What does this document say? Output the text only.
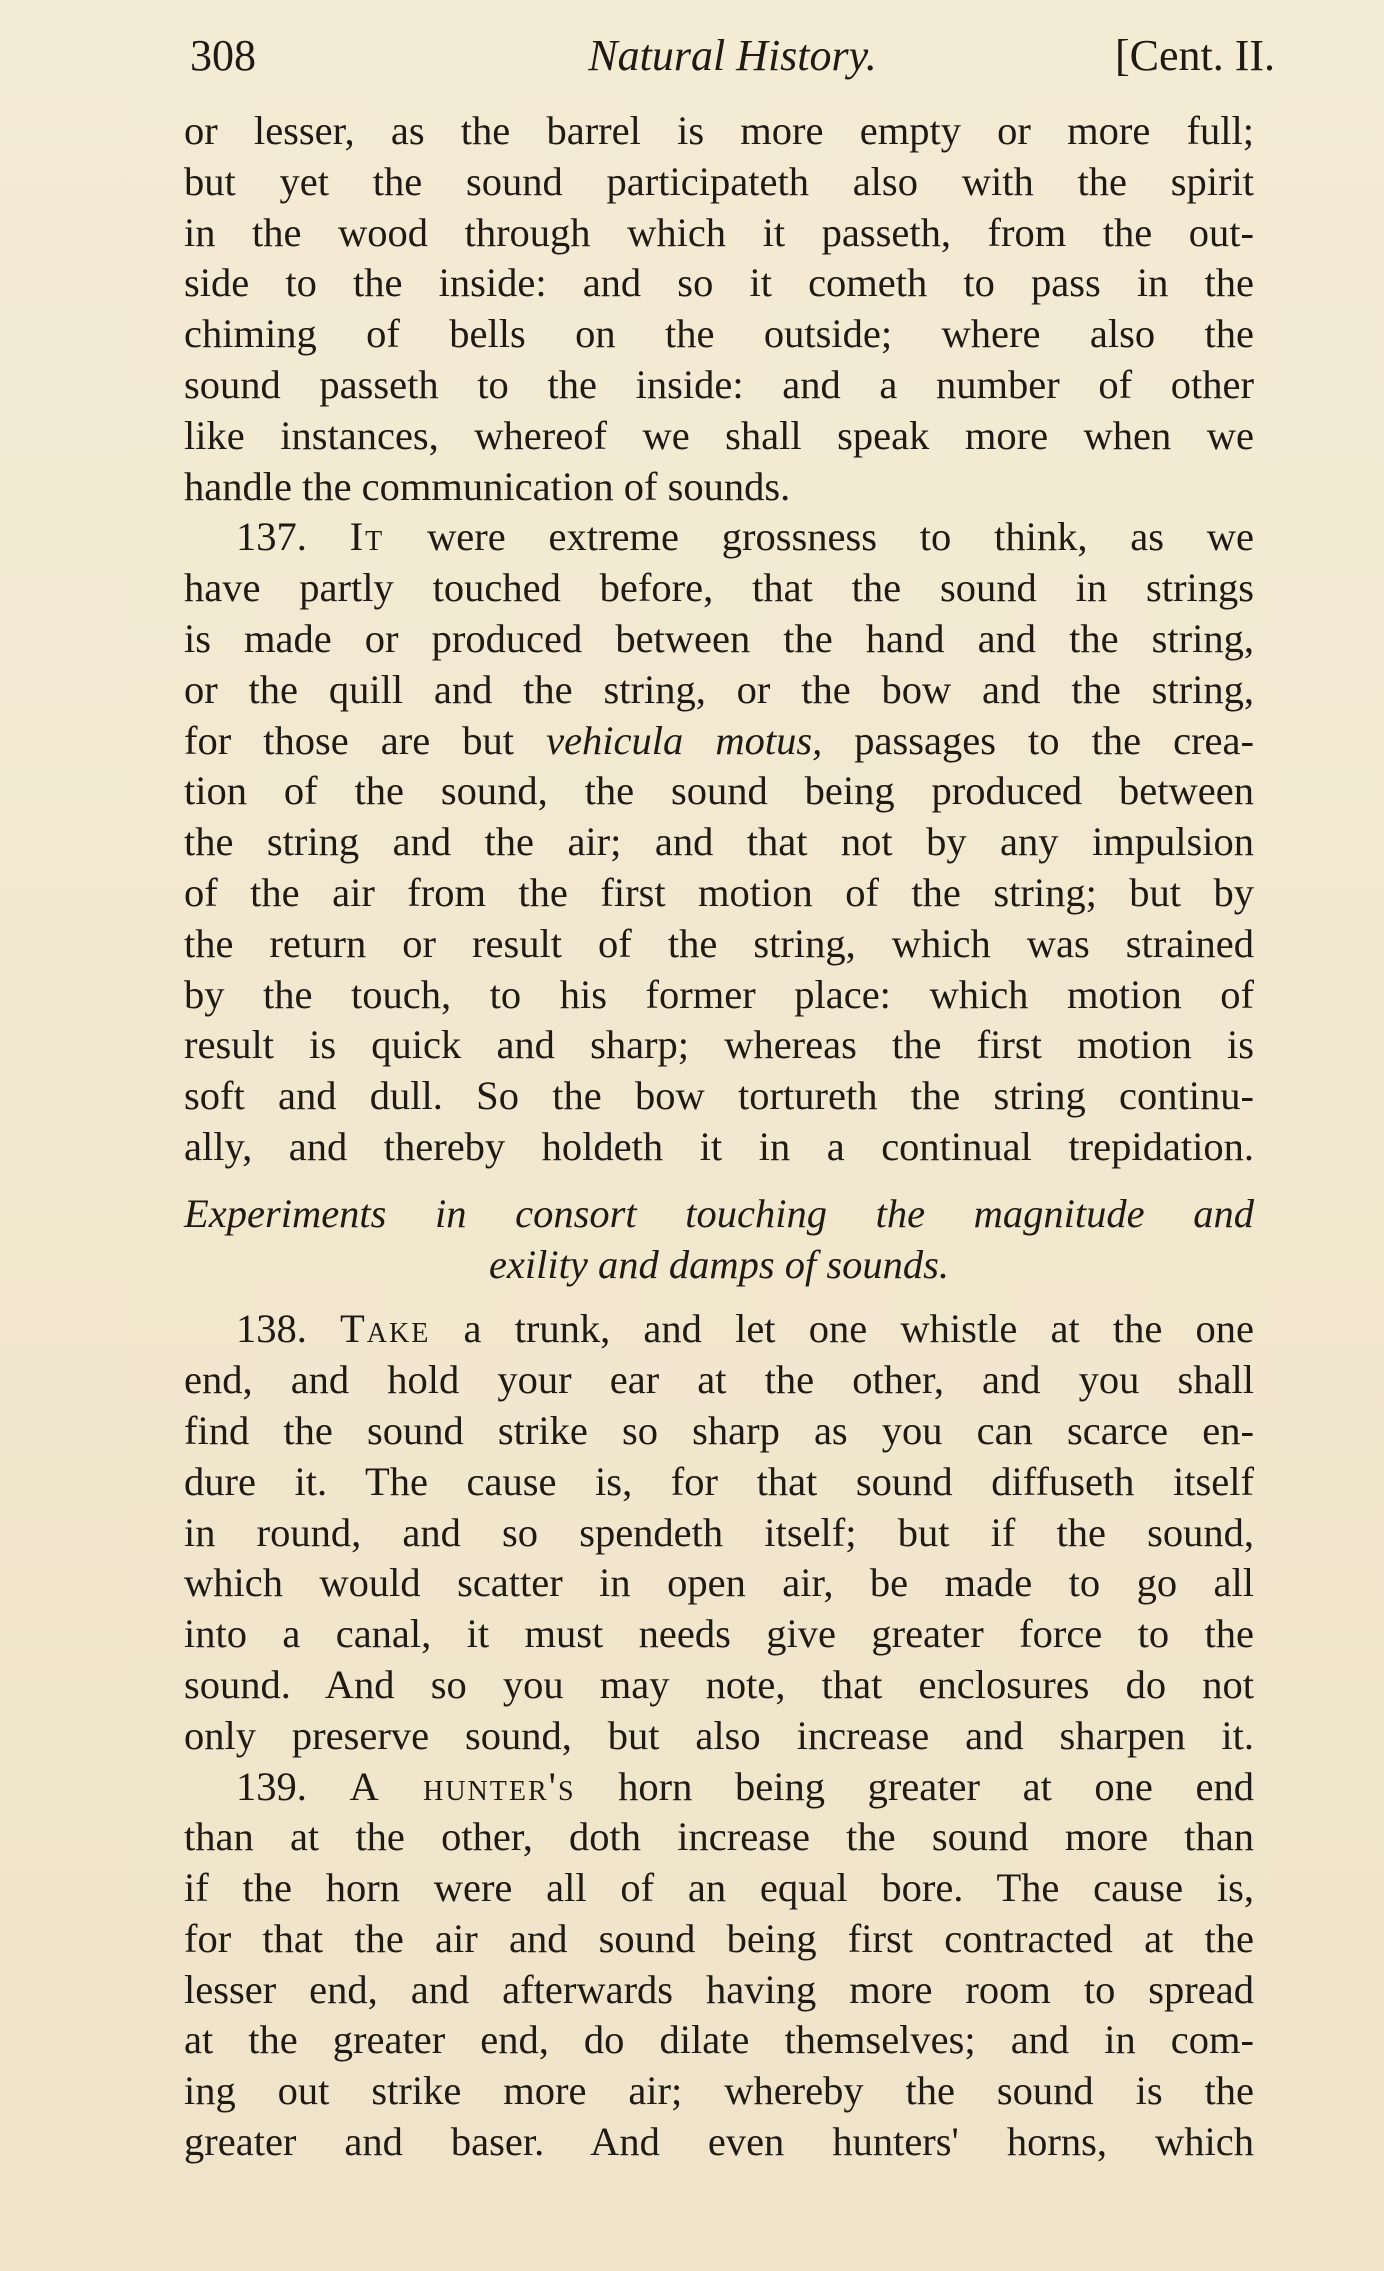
308	Natural History.	[Cent. II.
or lesser, as the barrel is more empty or more full;
but yet the sound participateth also with the spirit
in the wood through which it passeth, from the out-
side to the inside: and so it cometh to pass in the
chiming of bells on the outside; where also the
sound passeth to the inside: and a number of other
like instances, whereof we shall speak more when we
handle the communication of sounds.
137. It were extreme grossness to think, as we
have partly touched before, that the sound in strings
is made or produced between the hand and the string,
or the quill and the string, or the bow and the string,
for those are but vehicula motus, passages to the crea-
tion of the sound, the sound being produced between
the string and the air; and that not by any impulsion
of the air from the first motion of the string; but by
the return or result of the string, which was strained
by the touch, to his former place: which motion of
result is quick and sharp; whereas the first motion is
soft and dull. So the bow tortureth the string continu-
ally, and thereby holdeth it in a continual trepidation.
Experiments in consort touching the magnitude and
exility and damps of sounds.
138. Take a trunk, and let one whistle at the one
end, and hold your ear at the other, and you shall
find the sound strike so sharp as you can scarce en-
dure it. The cause is, for that sound diffuseth itself
in round, and so spendeth itself; but if the sound,
which would scatter in open air, be made to go all
into a canal, it must needs give greater force to the
sound. And so you may note, that enclosures do not
only preserve sound, but also increase and sharpen it.
139. A hunter's horn being greater at one end
than at the other, doth increase the sound more than
if the horn were all of an equal bore. The cause is,
for that the air and sound being first contracted at the
lesser end, and afterwards having more room to spread
at the greater end, do dilate themselves; and in com-
ing out strike more air; whereby the sound is the
greater and baser. And even hunters' horns, which
